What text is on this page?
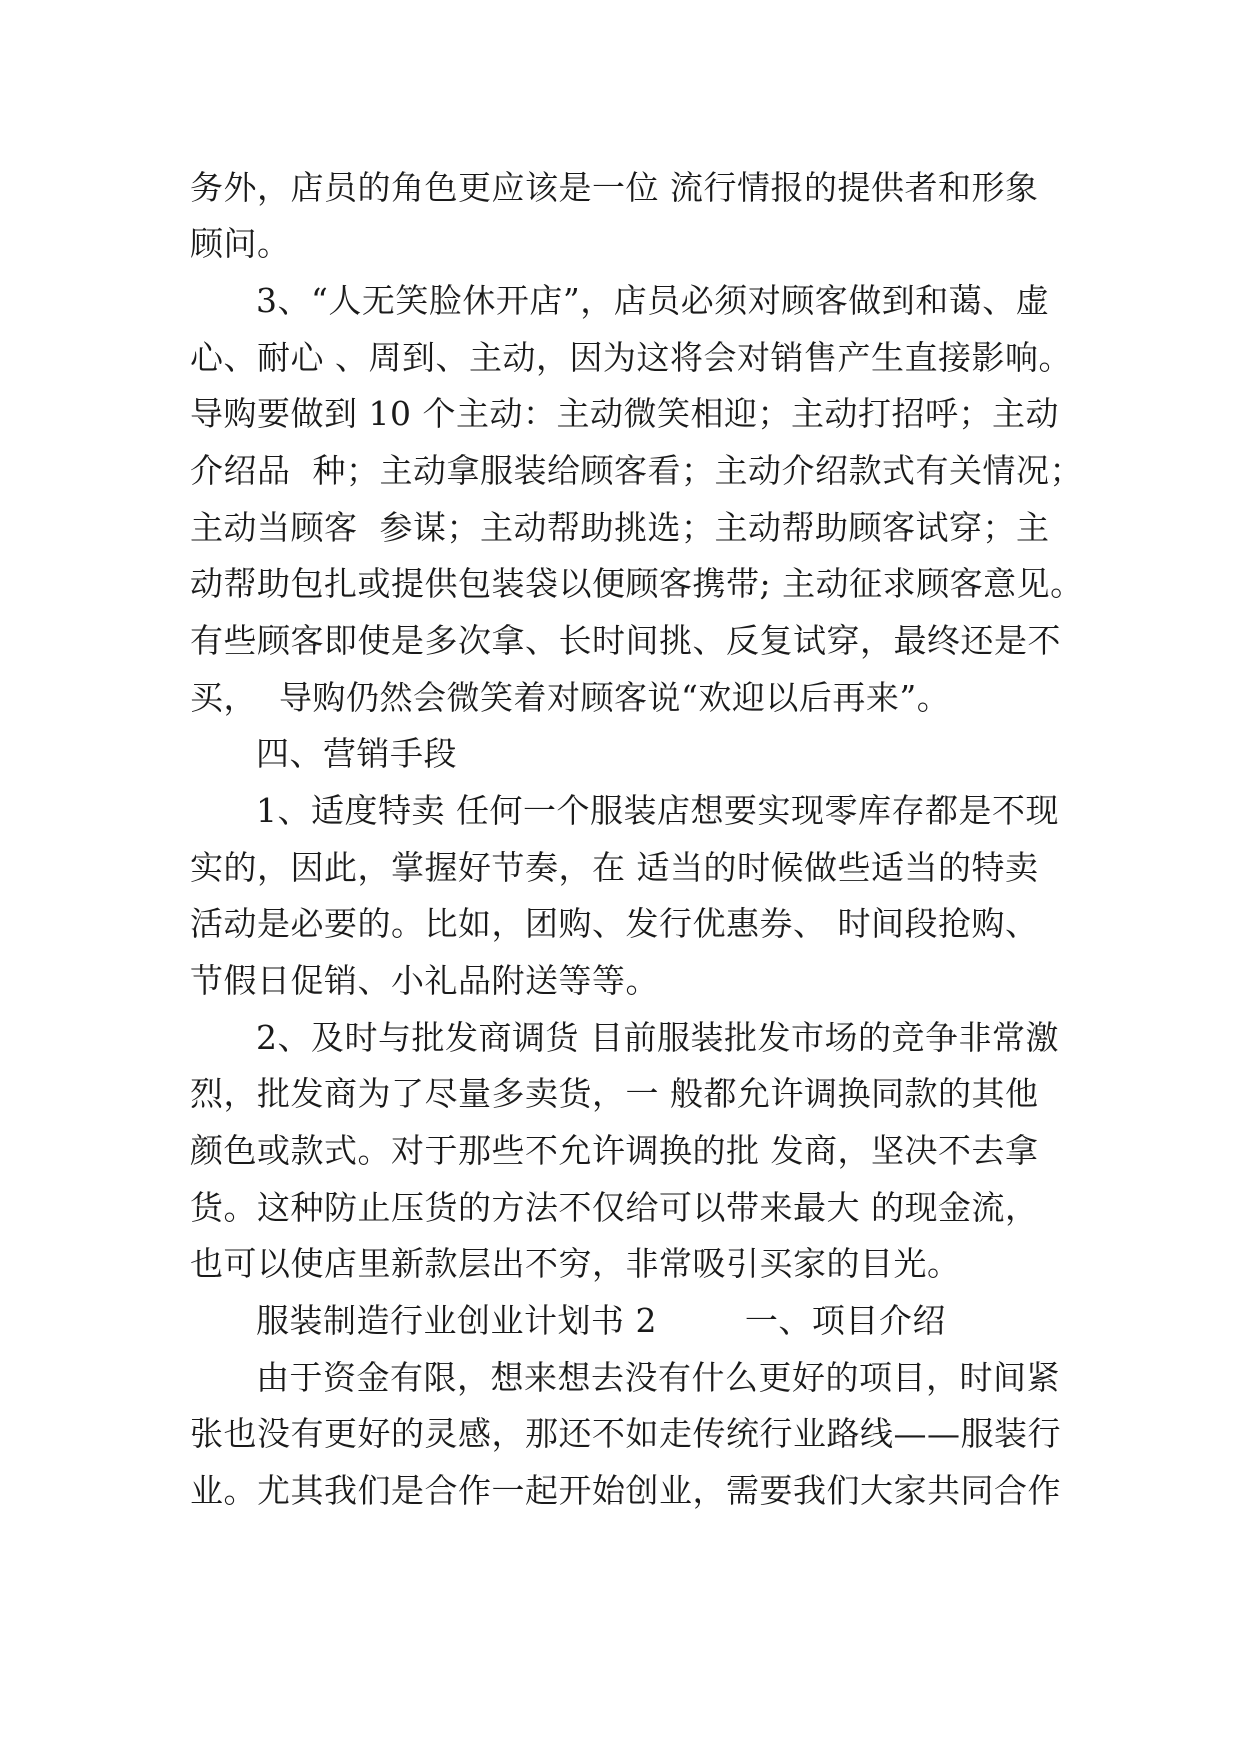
务外，店员的角色更应该是一位 流行情报的提供者和形象
顾问。
3、“人无笑脸休开店”，店员必须对顾客做到和蔼、虚
心、耐心 、周到、主动，因为这将会对销售产生直接影响。
导购要做到 10 个主动：主动微笑相迎；主动打招呼；主动
介绍品  种；主动拿服装给顾客看；主动介绍款式有关情况；
主动当顾客  参谋；主动帮助挑选；主动帮助顾客试穿；主
动帮助包扎或提供包装袋以便顾客携带; 主动征求顾客意见。
有些顾客即使是多次拿、长时间挑、反复试穿，最终还是不
买，  导购仍然会微笑着对顾客说“欢迎以后再来”。
四、营销手段
1、适度特卖 任何一个服装店想要实现零库存都是不现
实的，因此，掌握好节奏，在 适当的时候做些适当的特卖
活动是必要的。比如，团购、发行优惠券、 时间段抢购、
节假日促销、小礼品附送等等。
2、及时与批发商调货 目前服装批发市场的竞争非常激
烈，批发商为了尽量多卖货，一 般都允许调换同款的其他
颜色或款式。对于那些不允许调换的批 发商，坚决不去拿
货。这种防止压货的方法不仅给可以带来最大 的现金流，
也可以使店里新款层出不穷，非常吸引买家的目光。
服装制造行业创业计划书 2        一、项目介绍
由于资金有限，想来想去没有什么更好的项目，时间紧
张也没有更好的灵感，那还不如走传统行业路线——服装行
业。尤其我们是合作一起开始创业，需要我们大家共同合作
